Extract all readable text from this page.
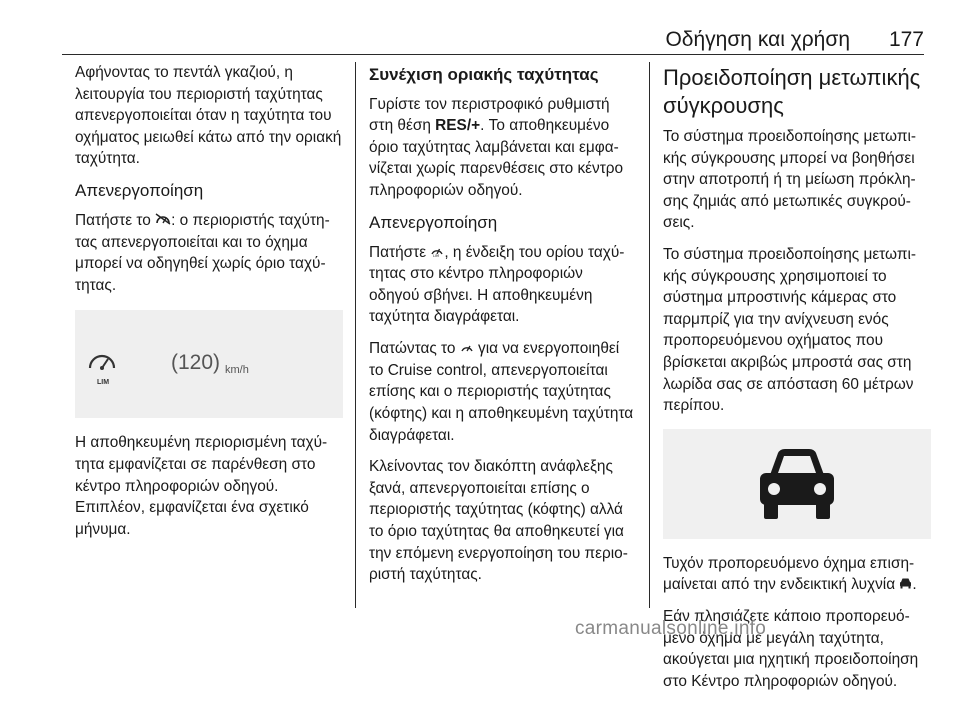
Οδήγηση και χρήση 177

Αφήνοντας το πεντάλ γκαζιού, η λειτουργία του περιοριστή ταχύτητας απενεργοποιείται όταν η ταχύτητα του οχήματος μειωθεί κάτω από την οριακή ταχύτητα.

Απενεργοποίηση

Πατήστε το : ο περιοριστής ταχύτητας απενεργοποιείται και το όχημα μπορεί να οδηγηθεί χωρίς όριο ταχύτητας.

LIM
(120) km/h

Η αποθηκευμένη περιορισμένη ταχύτητα εμφανίζεται σε παρένθεση στο κέντρο πληροφοριών οδηγού. Επιπλέον, εμφανίζεται ένα σχετικό μήνυμα.

Συνέχιση οριακής ταχύτητας

Γυρίστε τον περιστροφικό ρυθμιστή στη θέση RES/+. Το αποθηκευμένο όριο ταχύτητας λαμβάνεται και εμφανίζεται χωρίς παρενθέσεις στο κέντρο πληροφοριών οδηγού.

Απενεργοποίηση

Πατήστε LIM , η ένδειξη του ορίου ταχύτητας στο κέντρο πληροφοριών οδηγού σβήνει. Η αποθηκευμένη ταχύτητα διαγράφεται.

Πατώντας το  για να ενεργοποιηθεί το Cruise control, απενεργοποιείται επίσης και ο περιοριστής ταχύτητας (κόφτης) και η αποθηκευμένη ταχύτητα διαγράφεται.

Κλείνοντας τον διακόπτη ανάφλεξης ξανά, απενεργοποιείται επίσης ο περιοριστής ταχύτητας (κόφτης) αλλά το όριο ταχύτητας θα αποθηκευτεί για την επόμενη ενεργοποίηση του περιοριστή ταχύτητας.

Προειδοποίηση μετωπικής σύγκρουσης

Το σύστημα προειδοποίησης μετωπικής σύγκρουσης μπορεί να βοηθήσει στην αποτροπή ή τη μείωση πρόκλησης ζημιάς από μετωπικές συγκρούσεις.

Το σύστημα προειδοποίησης μετωπικής σύγκρουσης χρησιμοποιεί το σύστημα μπροστινής κάμερας στο παρμπρίζ για την ανίχνευση ενός προπορευόμενου οχήματος που βρίσκεται ακριβώς μπροστά σας στη λωρίδα σας σε απόσταση 60 μέτρων περίπου.

Τυχόν προπορευόμενο όχημα επισημαίνεται από την ενδεικτική λυχνία .

Εάν πλησιάζετε κάποιο προπορευόμενο όχημα με μεγάλη ταχύτητα, ακούγεται μια ηχητική προειδοποίηση στο Κέντρο πληροφοριών οδηγού.

carmanualsonline.info
